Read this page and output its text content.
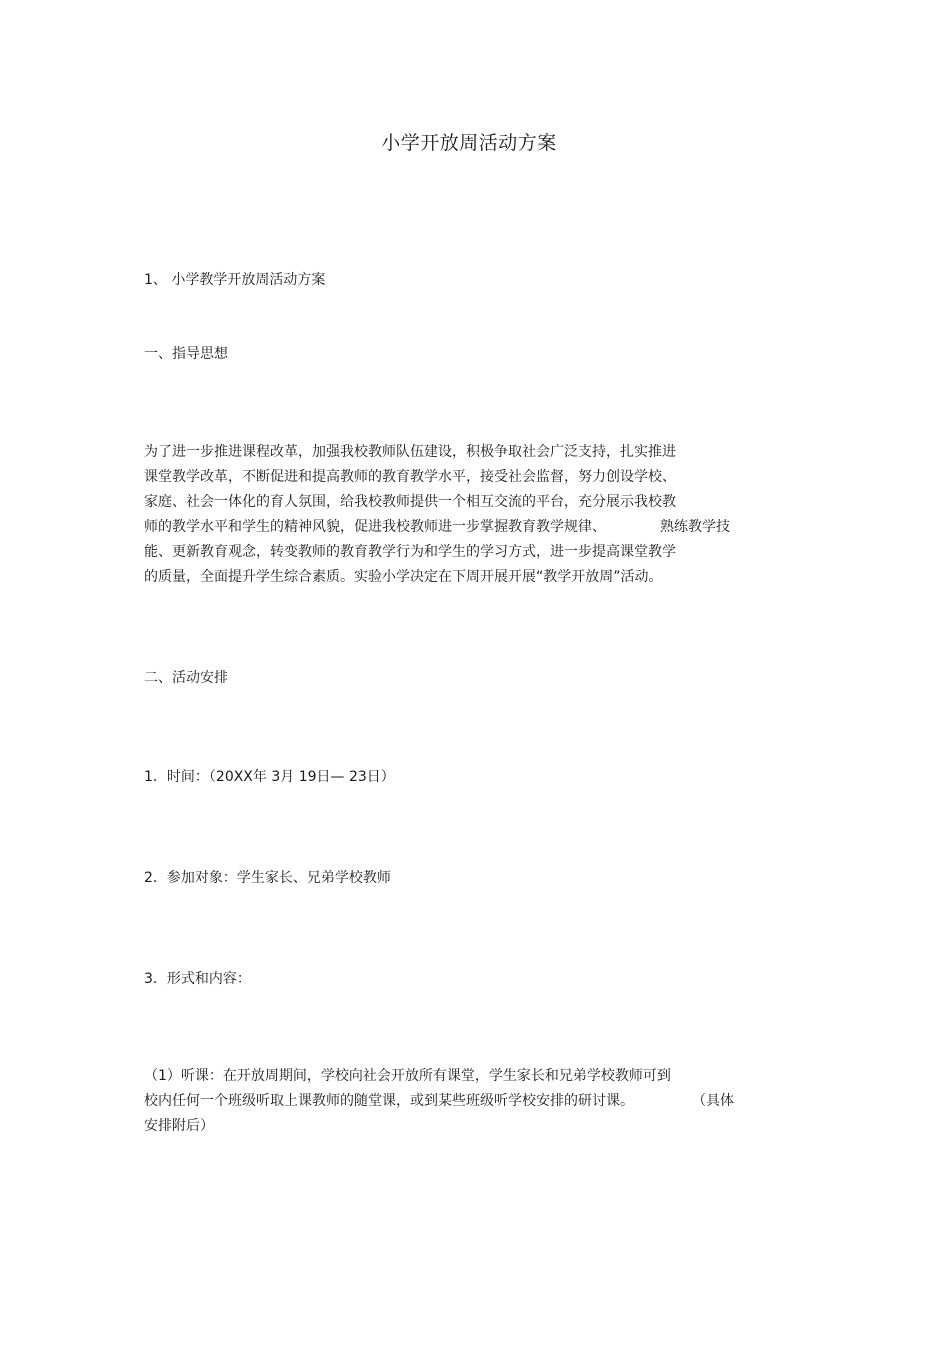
小学开放周活动方案

1、 小学教学开放周活动方案

一、指导思想

为了进一步推进课程改革，加强我校教师队伍建设，积极争取社会广泛支持，扎实推进
课堂教学改革，不断促进和提高教师的教育教学水平，接受社会监督，努力创设学校、
家庭、社会一体化的育人氛围，给我校教师提供一个相互交流的平台，充分展示我校教
师的教学水平和学生的精神风貌，促进我校教师进一步掌握教育教学规律、	熟练教学技
能、更新教育观念，转变教师的教育教学行为和学生的学习方式，进一步提高课堂教学
的质量，全面提升学生综合素质。实验小学决定在下周开展开展“教学开放周”活动。

二、活动安排

1．时间：（20XX年 3月 19日— 23日）

2．参加对象：学生家长、兄弟学校教师

3．形式和内容：

（1）听课：在开放周期间，学校向社会开放所有课堂，学生家长和兄弟学校教师可到
校内任何一个班级听取上课教师的随堂课，或到某些班级听学校安排的研讨课。	（具体
安排附后）
